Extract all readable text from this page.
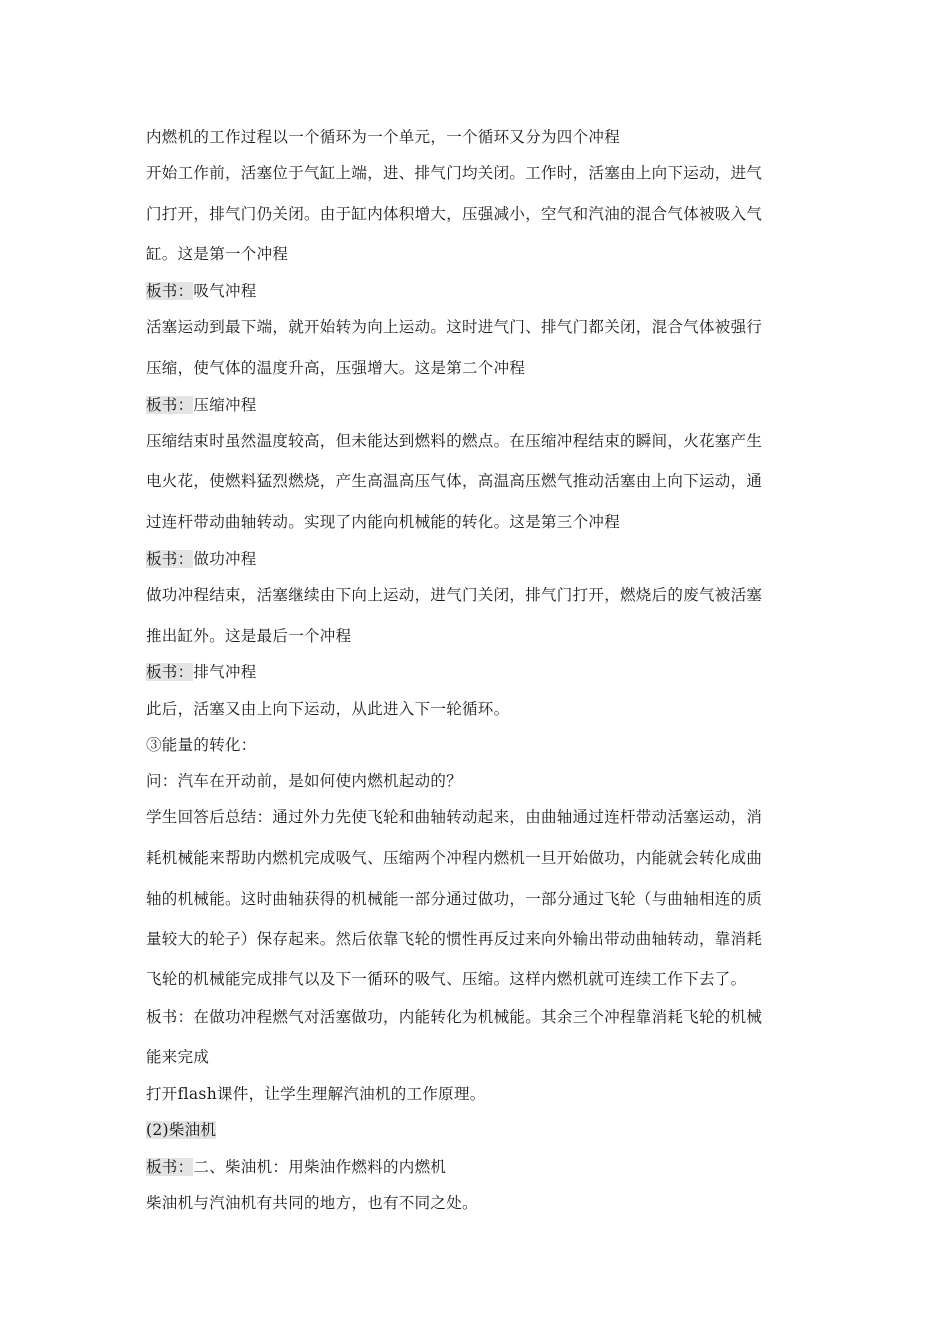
内燃机的工作过程以一个循环为一个单元，一个循环又分为四个冲程
开始工作前，活塞位于气缸上端，进、排气门均关闭。工作时，活塞由上向下运动，进气
门打开，排气门仍关闭。由于缸内体积增大，压强减小，空气和汽油的混合气体被吸入气
缸。这是第一个冲程
板书：吸气冲程
活塞运动到最下端，就开始转为向上运动。这时进气门、排气门都关闭，混合气体被强行
压缩，使气体的温度升高，压强增大。这是第二个冲程
板书：压缩冲程
压缩结束时虽然温度较高，但未能达到燃料的燃点。在压缩冲程结束的瞬间，火花塞产生
电火花，使燃料猛烈燃烧，产生高温高压气体，高温高压燃气推动活塞由上向下运动，通
过连杆带动曲轴转动。实现了内能向机械能的转化。这是第三个冲程
板书：做功冲程
做功冲程结束，活塞继续由下向上运动，进气门关闭，排气门打开，燃烧后的废气被活塞
推出缸外。这是最后一个冲程
板书：排气冲程
此后，活塞又由上向下运动，从此进入下一轮循环。
③能量的转化：
问：汽车在开动前，是如何使内燃机起动的？
学生回答后总结：通过外力先使飞轮和曲轴转动起来，由曲轴通过连杆带动活塞运动，消
耗机械能来帮助内燃机完成吸气、压缩两个冲程内燃机一旦开始做功，内能就会转化成曲
轴的机械能。这时曲轴获得的机械能一部分通过做功，一部分通过飞轮（与曲轴相连的质
量较大的轮子）保存起来。然后依靠飞轮的惯性再反过来向外输出带动曲轴转动，靠消耗
飞轮的机械能完成排气以及下一循环的吸气、压缩。这样内燃机就可连续工作下去了。
板书：在做功冲程燃气对活塞做功，内能转化为机械能。其余三个冲程靠消耗飞轮的机械
能来完成
打开flash课件，让学生理解汽油机的工作原理。
(2)柴油机
板书：二、柴油机：用柴油作燃料的内燃机
柴油机与汽油机有共同的地方，也有不同之处。
